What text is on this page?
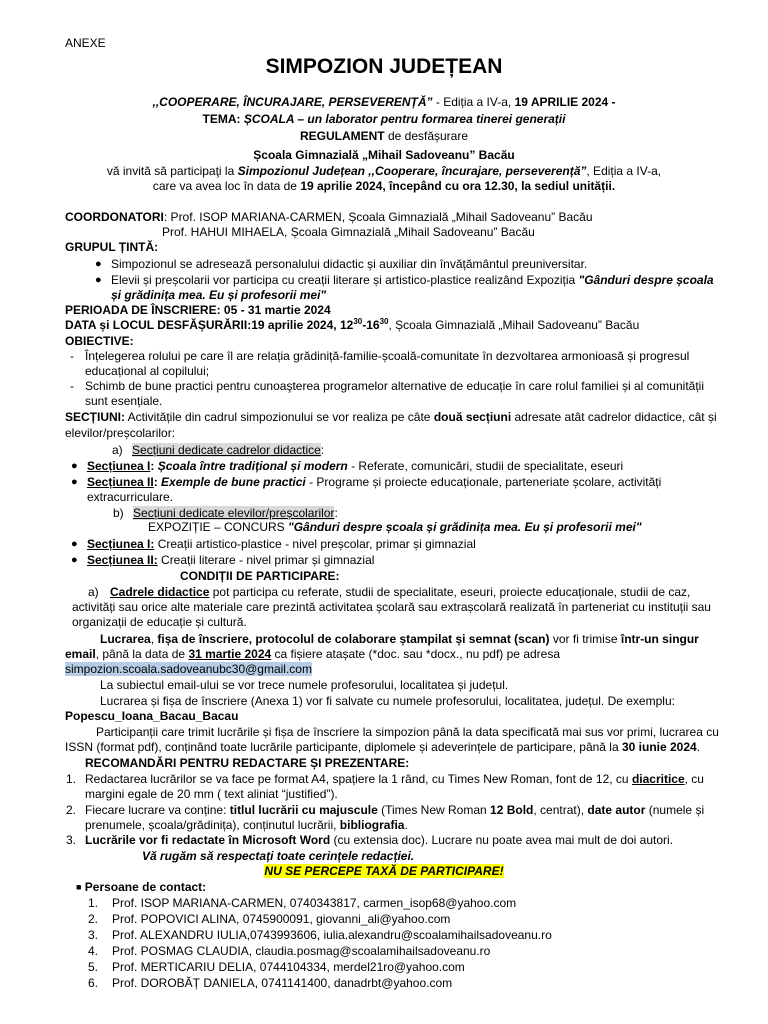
ANEXE
SIMPOZION JUDEȚEAN
,,COOPERARE, ÎNCURAJARE, PERSEVERENȚĂ” - Ediția a IV-a, 19 APRILIE 2024 -
TEMA: ȘCOALA – un laborator pentru formarea tinerei generații
REGULAMENT de desfășurare
Școala Gimnazială „Mihail Sadoveanu” Bacău
vă invită să participaţi la Simpozionul Județean ,,Cooperare, încurajare, perseverență”, Ediția a IV-a,
care va avea loc în data de 19 aprilie 2024, începând cu ora 12.30, la sediul unității.
COORDONATORI: Prof. ISOP MARIANA-CARMEN, Școala Gimnazială „Mihail Sadoveanu” Bacău
Prof. HAHUI MIHAELA, Școala Gimnazială „Mihail Sadoveanu” Bacău
GRUPUL ȚINTĂ:
● Simpozionul se adresează personalului didactic și auxiliar din învățământul preuniversitar.
● Elevii și preșcolarii vor participa cu creații literare și artistico-plastice realizând Expoziția "Gânduri despre școala
și grădinița mea. Eu și profesorii mei"
PERIOADA DE ÎNSCRIERE: 05 - 31 martie 2024
DATA și LOCUL DESFĂȘURĂRII:19 aprilie 2024, $12^{30}-16^{30}$, Școala Gimnazială „Mihail Sadoveanu” Bacău
OBIECTIVE:
- Înțelegerea rolului pe care îl are relația grădiniță-familie-școală-comunitate în dezvoltarea armonioasă și progresul
educațional al copilului;
- Schimb de bune practici pentru cunoaşterea programelor alternative de educație în care rolul familiei și al comunității
sunt esențiale.
SECȚIUNI: Activitățile din cadrul simpozionului se vor realiza pe câte două secțiuni adresate atât cadrelor didactice, cât și
elevilor/preșcolarilor:
a) Secțiuni dedicate cadrelor didactice:
● Secțiunea I: Școala între tradițional și modern - Referate, comunicări, studii de specialitate, eseuri
● Secțiunea II: Exemple de bune practici - Programe și proiecte educaționale, parteneriate școlare, activități
extracurriculare.
b) Secțiuni dedicate elevilor/preșcolarilor:
EXPOZIȚIE – CONCURS "Gânduri despre școala și grădinița mea. Eu și profesorii mei"
● Secțiunea I: Creații artistico-plastice - nivel preșcolar, primar și gimnazial
● Secțiunea II: Creații literare - nivel primar și gimnazial
CONDIȚII DE PARTICIPARE:
a) Cadrele didactice pot participa cu referate, studii de specialitate, eseuri, proiecte educaționale, studii de caz,
activități sau orice alte materiale care prezintă activitatea școlară sau extrașcolară realizată în parteneriat cu instituții sau
organizații de educație și cultură.
Lucrarea, fișa de înscriere, protocolul de colaborare ștampilat și semnat (scan) vor fi trimise într-un singur
email, până la data de 31 martie 2024 ca fișiere atașate (*doc. sau *docx., nu pdf) pe adresa
simpozion.scoala.sadoveanubc30@gmail.com
La subiectul email-ului se vor trece numele profesorului, localitatea și județul.
Lucrarea și fișa de înscriere (Anexa 1) vor fi salvate cu numele profesorului, localitatea, județul. De exemplu:
Popescu_Ioana_Bacau_Bacau
Participanții care trimit lucrările și fișa de înscriere la simpozion până la data specificată mai sus vor primi, lucrarea cu
ISSN (format pdf), conținând toate lucrările participante, diplomele și adeverințele de participare, până la 30 iunie 2024.
RECOMANDĂRI PENTRU REDACTARE ȘI PREZENTARE:
1. Redactarea lucrărilor se va face pe format A4, spațiere la 1 rând, cu Times New Roman, font de 12, cu diacritice, cu
margini egale de 20 mm ( text aliniat “justified”).
2. Fiecare lucrare va conține: titlul lucrării cu majuscule (Times New Roman 12 Bold, centrat), date autor (numele și
prenumele, școala/grădinița), conținutul lucrării, bibliografia.
3. Lucrările vor fi redactate în Microsoft Word (cu extensia doc). Lucrare nu poate avea mai mult de doi autori.
Vă rugăm să respectați toate cerințele redacției.
NU SE PERCEPE TAXĂ DE PARTICIPARE!
■ Persoane de contact:
1. Prof. ISOP MARIANA-CARMEN, 0740343817, carmen_isop68@yahoo.com
2. Prof. POPOVICI ALINA, 0745900091, giovanni_ali@yahoo.com
3. Prof. ALEXANDRU IULIA,0743993606, iulia.alexandru@scoalamihailsadoveanu.ro
4. Prof. POSMAG CLAUDIA, claudia.posmag@scoalamihailsadoveanu.ro
5. Prof. MERTICARIU DELIA, 0744104334, merdel21ro@yahoo.com
6. Prof. DOROBĂȚ DANIELA, 0741141400, danadrbt@yahoo.com
